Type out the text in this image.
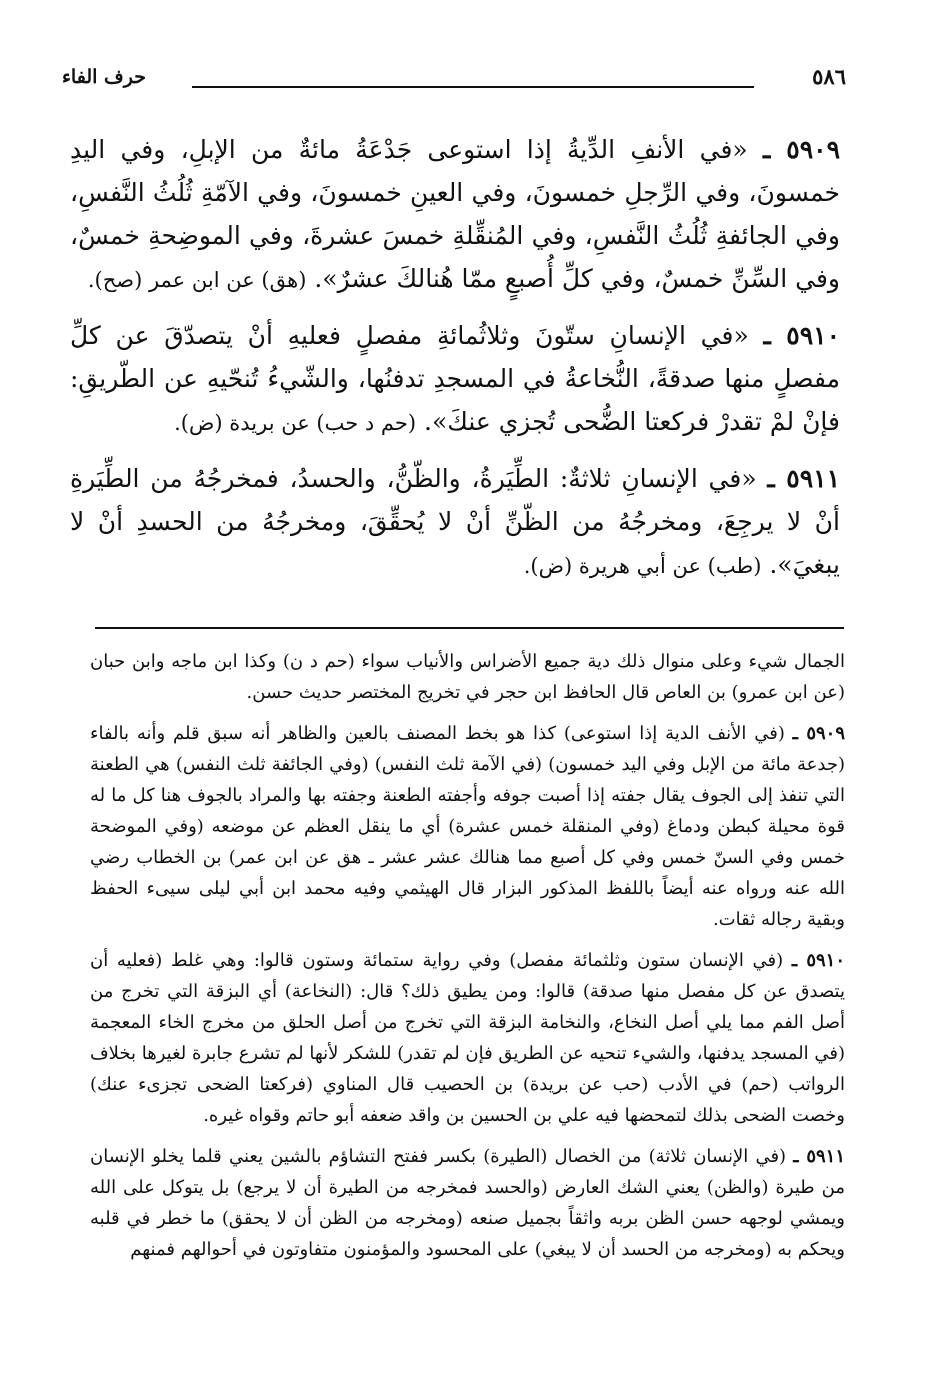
٥٨٦
حرف الفاء

٥٩٠٩ ـ «في الأنفِ الدِّيةُ إذا استوعى جَدْعَةُ مائةٌ من الإبلِ، وفي اليدِ خمسونَ، وفي الرِّجلِ خمسونَ، وفي العينِ خمسونَ، وفي الآمّةِ ثُلُثُ النَّفسِ، وفي الجائفةِ ثُلُثُ النَّفسِ، وفي المُنقِّلةِ خمسَ عشرةَ، وفي الموضِحةِ خمسٌ، وفي السِّنِّ خمسٌ، وفي كلِّ أُصبعٍ ممّا هُنالكَ عشرٌ». (هق) عن ابن عمر (صح).

٥٩١٠ ـ «في الإنسانِ ستّونَ وثلاثُمائةِ مفصلٍ فعليهِ أنْ يتصدّقَ عن كلِّ مفصلٍ منها صدقةً، النُّخاعةُ في المسجدِ تدفنُها، والشّيءُ تُنحّيهِ عن الطّريقِ: فإنْ لمْ تقدرْ فركعتا الضُّحى تُجزي عنكَ». (حم د حب) عن بريدة (ض).

٥٩١١ ـ «في الإنسانِ ثلاثةٌ: الطِّيَرةُ، والظّنُّ، والحسدُ، فمخرجُهُ من الطِّيَرةِ أنْ لا يرجِعَ، ومخرجُهُ من الظّنِّ أنْ لا يُحقِّقَ، ومخرجُهُ من الحسدِ أنْ لا يبغيَ». (طب) عن أبي هريرة (ض).

الجمال شيء وعلى منوال ذلك دية جميع الأضراس والأنياب سواء (حم د ن) وكذا ابن ماجه وابن حبان (عن ابن عمرو) بن العاص قال الحافظ ابن حجر في تخريج المختصر حديث حسن.

٥٩٠٩ ـ (في الأنف الدية إذا استوعى) كذا هو بخط المصنف بالعين والظاهر أنه سبق قلم وأنه بالفاء (جدعة مائة من الإبل وفي اليد خمسون) (في الآمة ثلث النفس) (وفي الجائفة ثلث النفس) هي الطعنة التي تنفذ إلى الجوف يقال جفته إذا أصبت جوفه وأجفته الطعنة وجفته بها والمراد بالجوف هنا كل ما له قوة محيلة كبطن ودماغ (وفي المنقلة خمس عشرة) أي ما ينقل العظم عن موضعه (وفي الموضحة خمس وفي السنّ خمس وفي كل أصبع مما هنالك عشر عشر ـ هق عن ابن عمر) بن الخطاب رضي الله عنه ورواه عنه أيضاً باللفظ المذكور البزار قال الهيثمي وفيه محمد ابن أبي ليلى سيىء الحفظ وبقية رجاله ثقات.

٥٩١٠ ـ (في الإنسان ستون وثلثمائة مفصل) وفي رواية ستمائة وستون قالوا: وهي غلط (فعليه أن يتصدق عن كل مفصل منها صدقة) قالوا: ومن يطيق ذلك؟ قال: (النخاعة) أي البزقة التي تخرج من أصل الفم مما يلي أصل النخاع، والنخامة البزقة التي تخرج من أصل الحلق من مخرج الخاء المعجمة (في المسجد يدفنها، والشيء تنحيه عن الطريق فإن لم تقدر) للشكر لأنها لم تشرع جابرة لغيرها بخلاف الرواتب (حم) في الأدب (حب عن بريدة) بن الحصيب قال المناوي (فركعتا الضحى تجزىء عنك) وخصت الضحى بذلك لتمحضها فيه علي بن الحسين بن واقد ضعفه أبو حاتم وقواه غيره.

٥٩١١ ـ (في الإنسان ثلاثة) من الخصال (الطيرة) بكسر ففتح التشاؤم بالشين يعني قلما يخلو الإنسان من طيرة (والظن) يعني الشك العارض (والحسد فمخرجه من الطيرة أن لا يرجع) بل يتوكل على الله ويمشي لوجهه حسن الظن بربه واثقاً بجميل صنعه (ومخرجه من الظن أن لا يحقق) ما خطر في قلبه ويحكم به (ومخرجه من الحسد أن لا يبغي) على المحسود والمؤمنون متفاوتون في أحوالهم فمنهم
